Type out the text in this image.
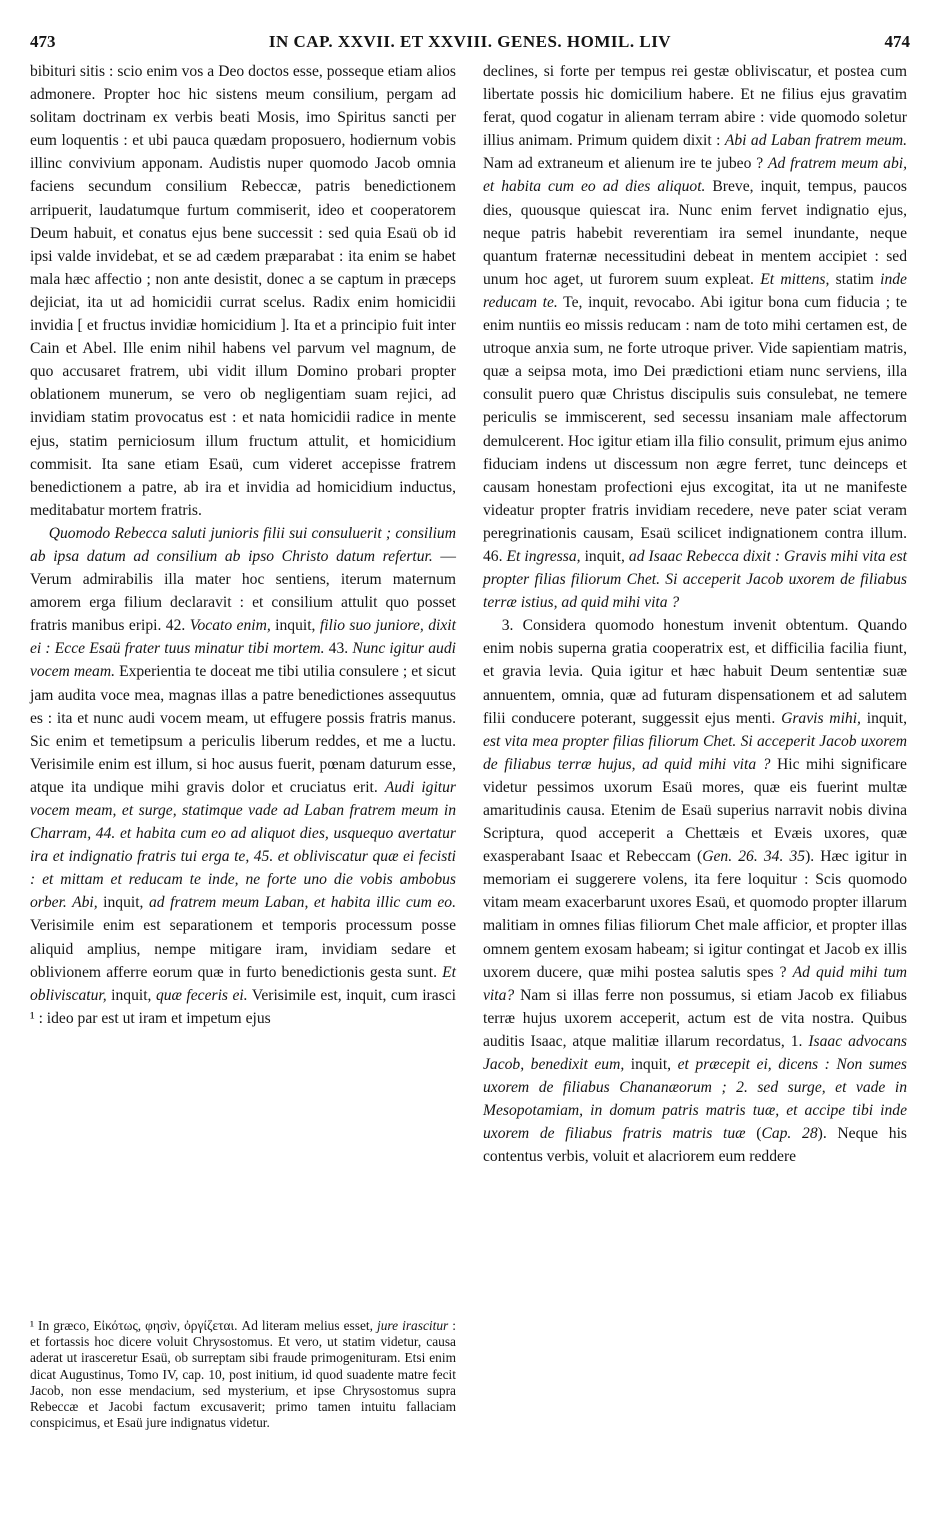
473	IN CAP. XXVII. ET XXVIII. GENES. HOMIL. LIV	474

bibituri sitis : scio enim vos a Deo doctos esse, posseque etiam alios admonere. Propter hoc hic sistens meum consilium, pergam ad solitam doctrinam ex verbis beati Mosis, imo Spiritus sancti per eum loquentis : et ubi pauca quædam proposuero, hodiernum vobis illinc convivium apponam. Audistis nuper quomodo Jacob omnia faciens secundum consilium Rebeccæ, patris benedictionem arripuerit, laudatumque furtum commiserit, ideo et cooperatorem Deum habuit, et conatus ejus bene successit : sed quia Esaü ob id ipsi valde invidebat, et se ad cædem præparabat : ita enim se habet mala hæc affectio ; non ante desistit, donec a se captum in præceps dejiciat, ita ut ad homicidii currat scelus. Radix enim homicidii invidia [ et fructus invidiæ homicidium ]. Ita et a principio fuit inter Cain et Abel. Ille enim nihil habens vel parvum vel magnum, de quo accusaret fratrem, ubi vidit illum Domino probari propter oblationem munerum, se vero ob negligentiam suam rejici, ad invidiam statim provocatus est : et nata homicidii radice in mente ejus, statim perniciosum illum fructum attulit, et homicidium commisit. Ita sane etiam Esaü, cum videret accepisse fratrem benedictionem a patre, ab ira et invidia ad homicidium inductus, meditabatur mortem fratris.

Quomodo Rebecca saluti junioris filii sui consuluerit ; consilium ab ipsa datum ad consilium ab ipso Christo datum refertur. — Verum admirabilis illa mater hoc sentiens, iterum maternum amorem erga filium declaravit : et consilium attulit quo posset fratris manibus eripi. 42. Vocato enim, inquit, filio suo juniore, dixit ei : Ecce Esaü frater tuus minatur tibi mortem. 43. Nunc igitur audi vocem meam. Experientia te doceat me tibi utilia consulere ; et sicut jam audita voce mea, magnas illas a patre benedictiones assequutus es : ita et nunc audi vocem meam, ut effugere possis fratris manus. Sic enim et temetipsum a periculis liberum reddes, et me a luctu. Verisimile enim est illum, si hoc ausus fuerit, pœnam daturum esse, atque ita undique mihi gravis dolor et cruciatus erit. Audi igitur vocem meam, et surge, statimque vade ad Laban fratrem meum in Charram, 44. et habita cum eo ad aliquot dies, usquequo avertatur ira et indignatio fratris tui erga te, 45. et obliviscatur quæ ei fecisti : et mittam et reducam te inde, ne forte uno die vobis ambobus orber. Abi, inquit, ad fratrem meum Laban, et habita illic cum eo. Verisimile enim est separationem et temporis processum posse aliquid amplius, nempe mitigare iram, invidiam sedare et oblivionem afferre eorum quæ in furto benedictionis gesta sunt. Et obliviscatur, inquit, quæ feceris ei. Verisimile est, inquit, cum irasci ¹ : ideo par est ut iram et impetum ejus

¹ In græco, Εἰκότως, φησὶν, ὀργίζεται. Ad literam melius esset, jure irascitur : et fortassis hoc dicere voluit Chrysostomus. Et vero, ut statim videtur, causa aderat ut irasceretur Esaü, ob surreptam sibi fraude primogenituram. Etsi enim dicat Augustinus, Tomo IV, cap. 10, post initium, id quod suadente matre fecit Jacob, non esse mendacium, sed mysterium, et ipse Chrysostomus supra Rebeccæ et Jacobi factum excusaverit; primo tamen intuitu fallaciam conspicimus, et Esaü jure indignatus videtur.

declines, si forte per tempus rei gestæ obliviscatur, et postea cum libertate possis hic domicilium habere. Et ne filius ejus gravatim ferat, quod cogatur in alienam terram abire : vide quomodo soletur illius animam. Primum quidem dixit : Abi ad Laban fratrem meum. Nam ad extraneum et alienum ire te jubeo ? Ad fratrem meum abi, et habita cum eo ad dies aliquot. Breve, inquit, tempus, paucos dies, quousque quiescat ira. Nunc enim fervet indignatio ejus, neque patris habebit reverentiam ira semel inundante, neque quantum fraternæ necessitudini debeat in mentem accipiet : sed unum hoc aget, ut furorem suum expleat. Et mittens, statim inde reducam te. Te, inquit, revocabo. Abi igitur bona cum fiducia ; te enim nuntiis eo missis reducam : nam de toto mihi certamen est, de utroque anxia sum, ne forte utroque priver. Vide sapientiam matris, quæ a seipsa mota, imo Dei prædictioni etiam nunc serviens, illa consulit puero quæ Christus discipulis suis consulebat, ne temere periculis se immiscerent, sed secessu insaniam male affectorum demulcerent. Hoc igitur etiam illa filio consulit, primum ejus animo fiduciam indens ut discessum non ægre ferret, tunc deinceps et causam honestam profectioni ejus excogitat, ita ut ne manifeste videatur propter fratris invidiam recedere, neve pater sciat veram peregrinationis causam, Esaü scilicet indignationem contra illum. 46. Et ingressa, inquit, ad Isaac Rebecca dixit : Gravis mihi vita est propter filias filiorum Chet. Si acceperit Jacob uxorem de filiabus terræ istius, ad quid mihi vita ?

3. Considera quomodo honestum invenit obtentum. Quando enim nobis superna gratia cooperatrix est, et difficilia facilia fiunt, et gravia levia. Quia igitur et hæc habuit Deum sententiæ suæ annuentem, omnia, quæ ad futuram dispensationem et ad salutem filii conducere poterant, suggessit ejus menti. Gravis mihi, inquit, est vita mea propter filias filiorum Chet. Si acceperit Jacob uxorem de filiabus terræ hujus, ad quid mihi vita ? Hic mihi significare videtur pessimos uxorum Esaü mores, quæ eis fuerint multæ amaritudinis causa. Etenim de Esaü superius narravit nobis divina Scriptura, quod acceperit a Chettæis et Evæis uxores, quæ exasperabant Isaac et Rebeccam (Gen. 26. 34. 35). Hæc igitur in memoriam ei suggerere volens, ita fere loquitur : Scis quomodo vitam meam exacerbarunt uxores Esaü, et quomodo propter illarum malitiam in omnes filias filiorum Chet male afficior, et propter illas omnem gentem exosam habeam; si igitur contingat et Jacob ex illis uxorem ducere, quæ mihi postea salutis spes ? Ad quid mihi tum vita? Nam si illas ferre non possumus, si etiam Jacob ex filiabus terræ hujus uxorem acceperit, actum est de vita nostra. Quibus auditis Isaac, atque malitiæ illarum recordatus, 1. Isaac advocans Jacob, benedixit eum, inquit, et præcepit ei, dicens : Non sumes uxorem de filiabus Chananæorum ; 2. sed surge, et vade in Mesopotamiam, in domum patris matris tuæ, et accipe tibi inde uxorem de filiabus fratris matris tuæ (Cap. 28). Neque his contentus verbis, voluit et alacriorem eum reddere
